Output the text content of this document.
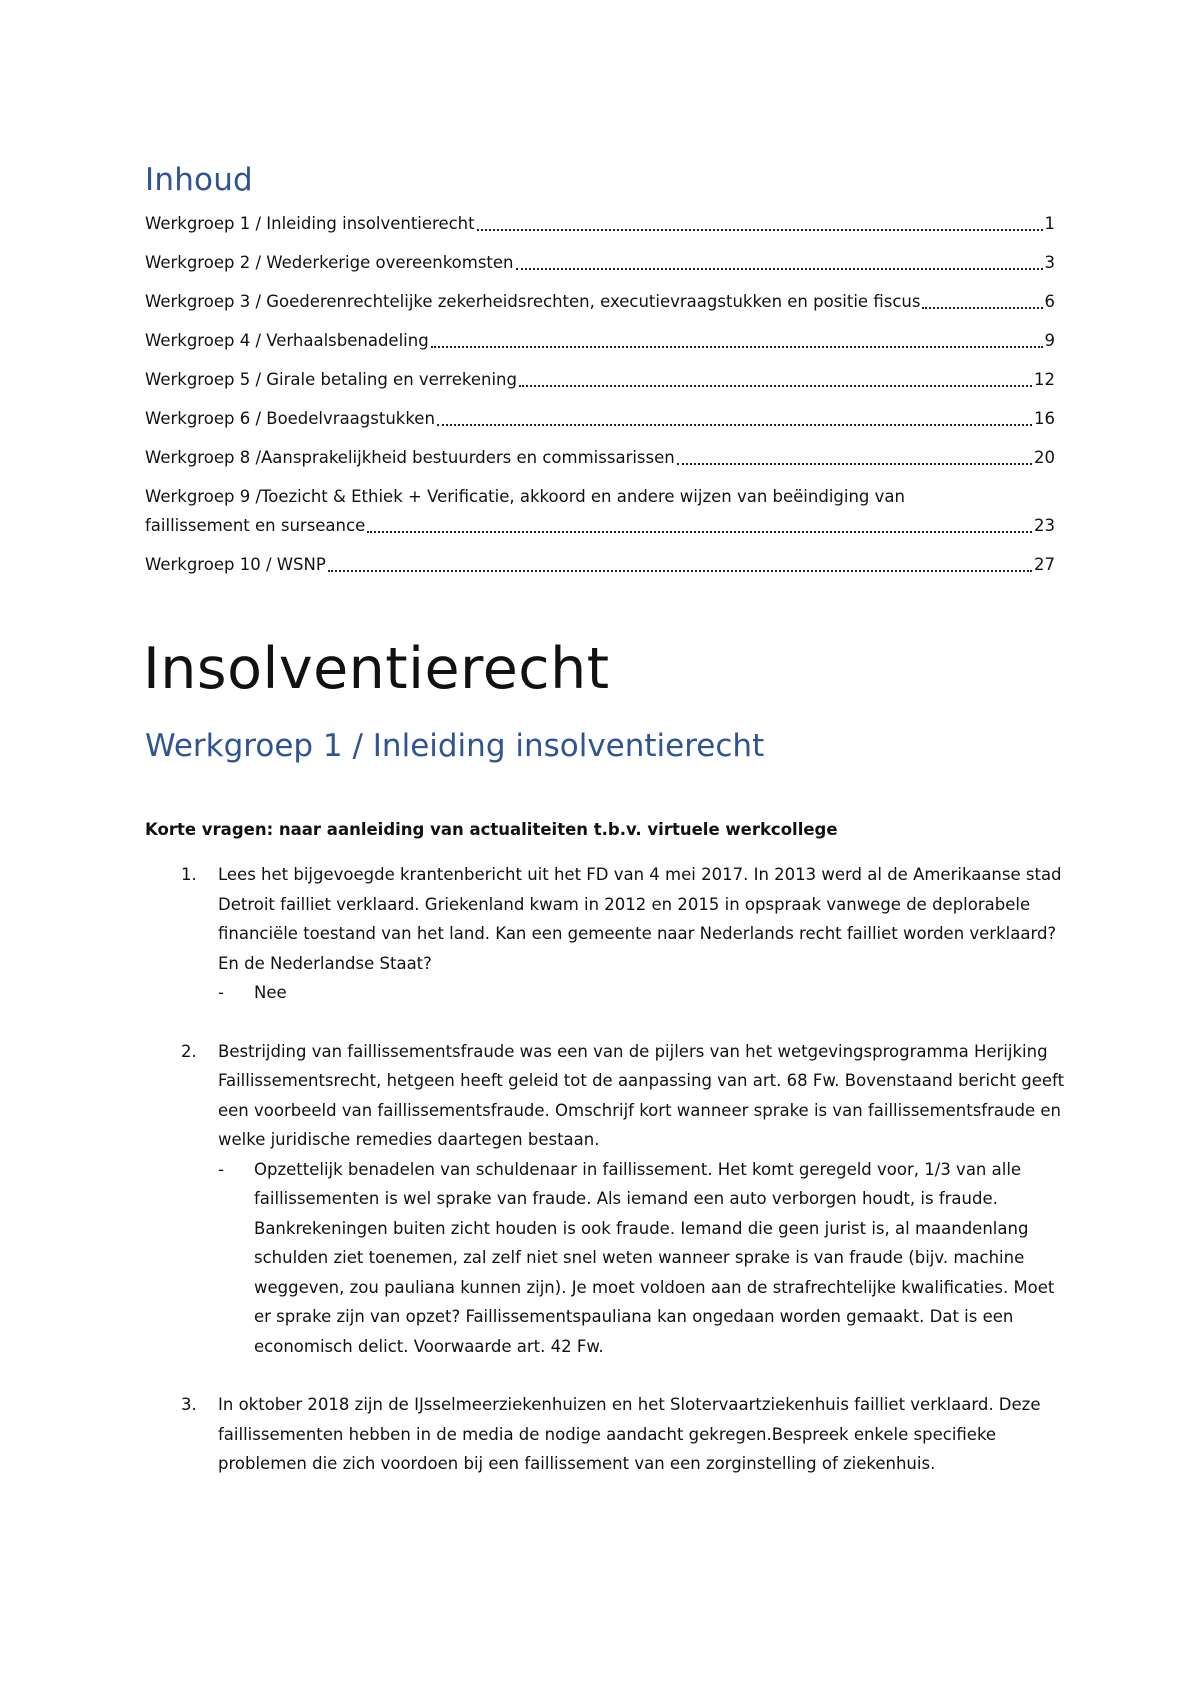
Inhoud
Werkgroep 1 / Inleiding insolventierecht	1
Werkgroep 2 / Wederkerige overeenkomsten	3
Werkgroep 3 / Goederenrechtelijke zekerheidsrechten, executievraagstukken en positie fiscus	6
Werkgroep 4 / Verhaalsbenadeling	9
Werkgroep 5 / Girale betaling en verrekening	12
Werkgroep 6 / Boedelvraagstukken	16
Werkgroep 8 /Aansprakelijkheid bestuurders en commissarissen	20
Werkgroep 9 /Toezicht & Ethiek + Verificatie, akkoord en andere wijzen van beëindiging van
faillissement en surseance	23
Werkgroep 10 / WSNP	27
Insolventierecht
Werkgroep 1 / Inleiding insolventierecht

Korte vragen: naar aanleiding van actualiteiten t.b.v. virtuele werkcollege

1. Lees het bijgevoegde krantenbericht uit het FD van 4 mei 2017. In 2013 werd al de Amerikaanse stad Detroit failliet verklaard. Griekenland kwam in 2012 en 2015 in opspraak vanwege de deplorabele financiële toestand van het land. Kan een gemeente naar Nederlands recht failliet worden verklaard? En de Nederlandse Staat?
- Nee
2. Bestrijding van faillissementsfraude was een van de pijlers van het wetgevingsprogramma Herijking Faillissementsrecht, hetgeen heeft geleid tot de aanpassing van art. 68 Fw. Bovenstaand bericht geeft een voorbeeld van faillissementsfraude. Omschrijf kort wanneer sprake is van faillissementsfraude en welke juridische remedies daartegen bestaan.
- Opzettelijk benadelen van schuldenaar in faillissement. Het komt geregeld voor, 1/3 van alle faillissementen is wel sprake van fraude. Als iemand een auto verborgen houdt, is fraude. Bankrekeningen buiten zicht houden is ook fraude. Iemand die geen jurist is, al maandenlang schulden ziet toenemen, zal zelf niet snel weten wanneer sprake is van fraude (bijv. machine weggeven, zou pauliana kunnen zijn). Je moet voldoen aan de strafrechtelijke kwalificaties. Moet er sprake zijn van opzet? Faillissementspauliana kan ongedaan worden gemaakt. Dat is een economisch delict. Voorwaarde art. 42 Fw.
3. In oktober 2018 zijn de IJsselmeerziekenhuizen en het Slotervaartziekenhuis failliet verklaard. Deze faillissementen hebben in de media de nodige aandacht gekregen.Bespreek enkele specifieke problemen die zich voordoen bij een faillissement van een zorginstelling of ziekenhuis.
